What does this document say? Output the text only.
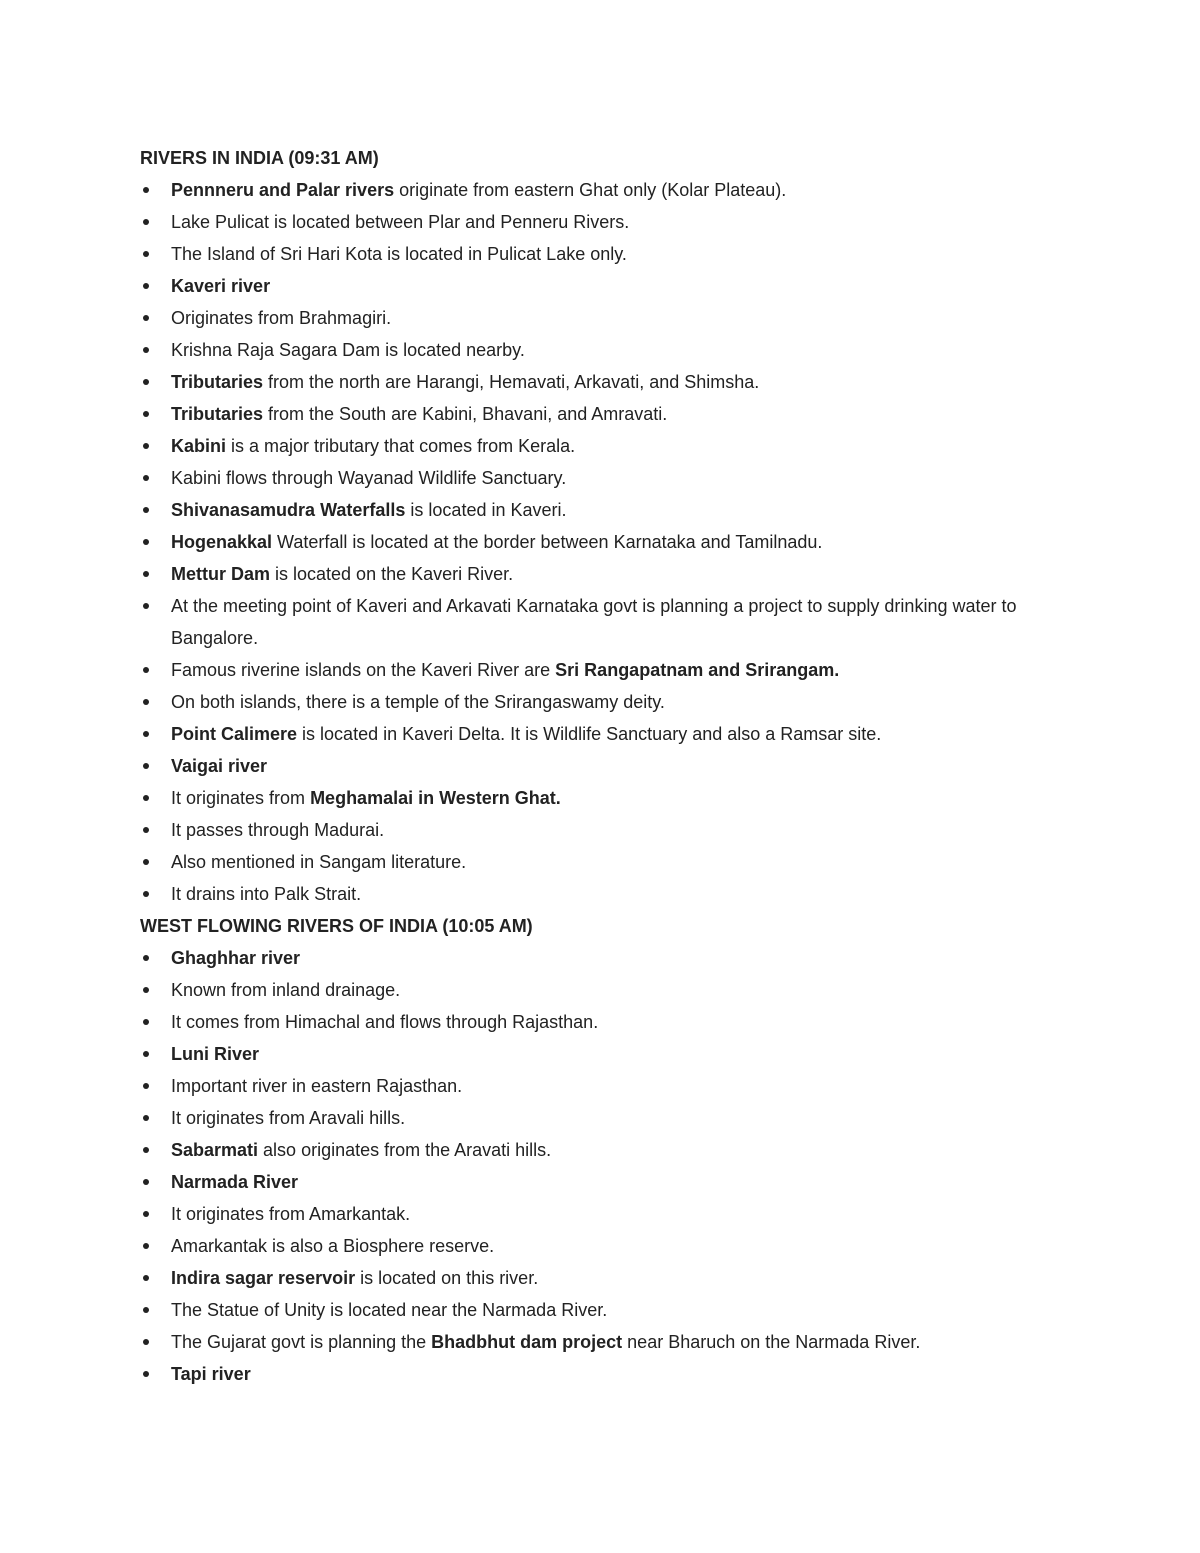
RIVERS IN INDIA (09:31 AM)
Pennneru and Palar rivers originate from eastern Ghat only (Kolar Plateau).
Lake Pulicat is located between Plar and Penneru Rivers.
The Island of Sri Hari Kota is located in Pulicat Lake only.
Kaveri river
Originates from Brahmagiri.
Krishna Raja Sagara Dam is located nearby.
Tributaries from the north are Harangi, Hemavati, Arkavati, and Shimsha.
Tributaries from the South are Kabini, Bhavani, and Amravati.
Kabini is a major tributary that comes from Kerala.
Kabini flows through Wayanad Wildlife Sanctuary.
Shivanasamudra Waterfalls is located in Kaveri.
Hogenakkal Waterfall is located at the border between Karnataka and Tamilnadu.
Mettur Dam is located on the Kaveri River.
At the meeting point of Kaveri and Arkavati Karnataka govt is planning a project to supply drinking water to Bangalore.
Famous riverine islands on the Kaveri River are Sri Rangapatnam and Srirangam.
On both islands, there is a temple of the Srirangaswamy deity.
Point Calimere is located in Kaveri Delta. It is Wildlife Sanctuary and also a Ramsar site.
Vaigai river
It originates from Meghamalai in Western Ghat.
It passes through Madurai.
Also mentioned in Sangam literature.
It drains into Palk Strait.
WEST FLOWING RIVERS OF INDIA (10:05 AM)
Ghaghhar river
Known from inland drainage.
It comes from Himachal and flows through Rajasthan.
Luni River
Important river in eastern Rajasthan.
It originates from Aravali hills.
Sabarmati also originates from the Aravati hills.
Narmada River
It originates from Amarkantak.
Amarkantak is also a Biosphere reserve.
Indira sagar reservoir is located on this river.
The Statue of Unity is located near the Narmada River.
The Gujarat govt is planning the Bhadbhut dam project near Bharuch on the Narmada River.
Tapi river
